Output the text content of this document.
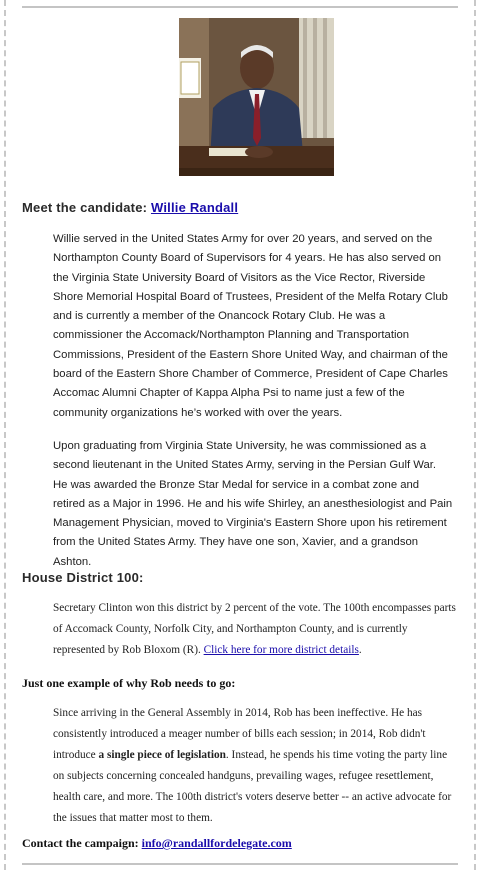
Meet the candidate: Willie Randall

Willie served in the United States Army for over 20 years, and served on the Northampton County Board of Supervisors for 4 years. He has also served on the Virginia State University Board of Visitors as the Vice Rector, Riverside Shore Memorial Hospital Board of Trustees, President of the Melfa Rotary Club and is currently a member of the Onancock Rotary Club. He was a commissioner the Accomack/Northampton Planning and Transportation Commissions, President of the Eastern Shore United Way, and chairman of the board of the Eastern Shore Chamber of Commerce, President of Cape Charles Accomac Alumni Chapter of Kappa Alpha Psi to name just a few of the community organizations he’s worked with over the years.

Upon graduating from Virginia State University, he was commissioned as a second lieutenant in the United States Army, serving in the Persian Gulf War. He was awarded the Bronze Star Medal for service in a combat zone and retired as a Major in 1996. He and his wife Shirley, an anesthesiologist and Pain Management Physician, moved to Virginia's Eastern Shore upon his retirement from the United States Army. They have one son, Xavier, and a grandson Ashton.

House District 100:

Secretary Clinton won this district by 2 percent of the vote. The 100th encompasses parts of Accomack County, Norfolk City, and Northampton County, and is currently represented by Rob Bloxom (R). Click here for more district details.

Just one example of why Rob needs to go:

Since arriving in the General Assembly in 2014, Rob has been ineffective. He has consistently introduced a meager number of bills each session; in 2014, Rob didn't introduce a single piece of legislation. Instead, he spends his time voting the party line on subjects concerning concealed handguns, prevailing wages, refugee resettlement, health care, and more. The 100th district's voters deserve better -- an active advocate for the issues that matter most to them.

Contact the campaign: info@randallfordelegate.com
